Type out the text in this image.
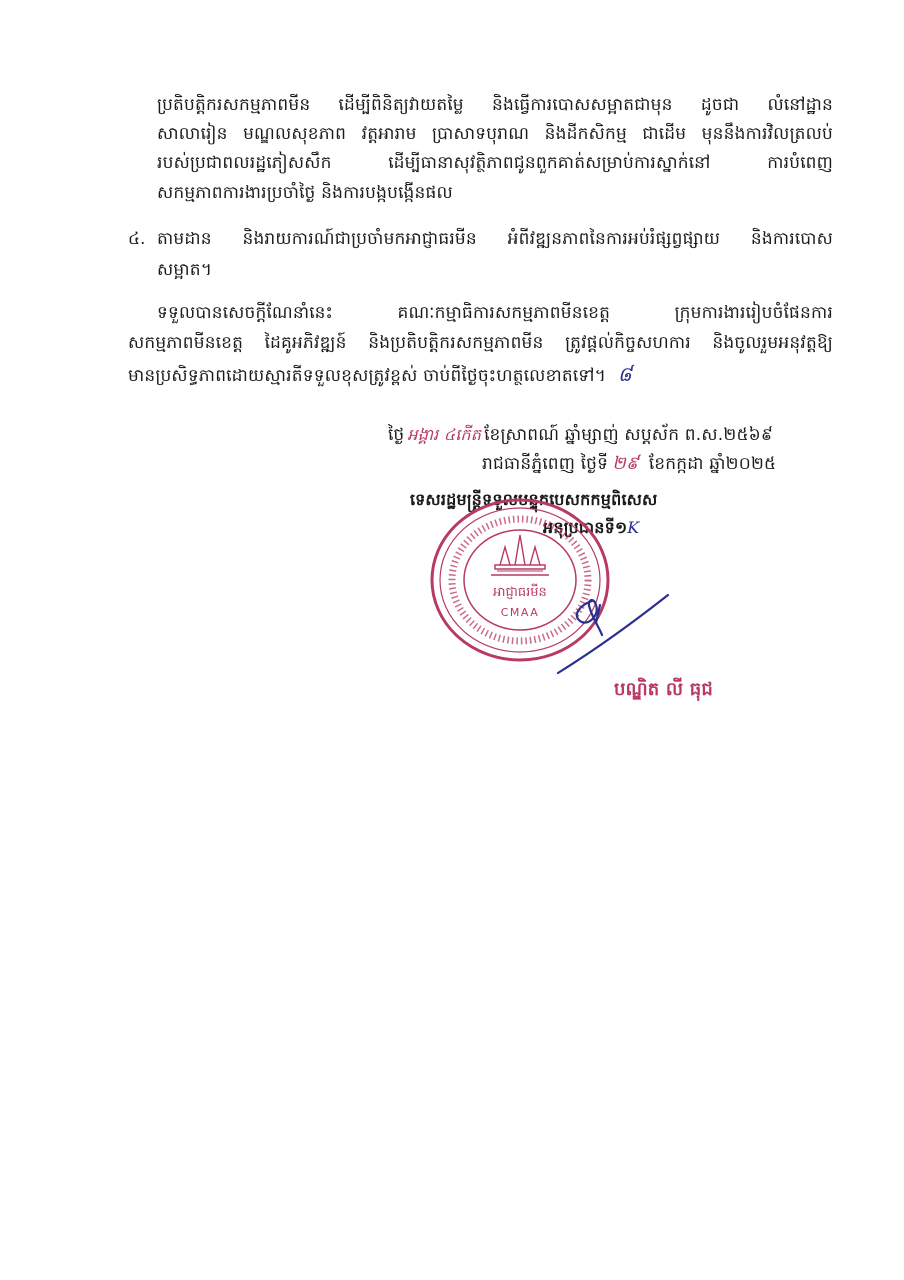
ប្រតិបត្តិករសកម្មភាពមីន ដើម្បីពិនិត្យវាយតម្លៃ និងធ្វើការបោសសម្អាតជាមុន ដូចជា លំនៅដ្ឋាន
សាលារៀន មណ្ឌលសុខភាព វត្តអារាម ប្រាសាទបុរាណ និងដីកសិកម្ម ជាដើម មុននឹងការវិលត្រលប់
របស់ប្រជាពលរដ្ឋភៀសសឹក ដើម្បីធានាសុវត្ថិភាពជូនពួកគាត់សម្រាប់ការស្នាក់នៅ ការបំពេញ
សកម្មភាពការងារប្រចាំថ្ងៃ និងការបង្កបង្កើនផល
៤. តាមដាន និងរាយការណ៍ជាប្រចាំមកអាជ្ញាធរមីន អំពីវឌ្ឍនភាពនៃការអប់រំផ្សព្វផ្សាយ និងការបោស
សម្អាត។
ទទួលបានសេចក្តីណែនាំនេះ គណៈកម្មាធិការសកម្មភាពមីនខេត្ត ក្រុមការងាររៀបចំផែនការ
សកម្មភាពមីនខេត្ត ដៃគូអភិវឌ្ឍន៍ និងប្រតិបត្តិករសកម្មភាពមីន ត្រូវផ្តល់កិច្ចសហការ និងចូលរួមអនុវត្តឱ្យ
មានប្រសិទ្ធភាពដោយស្មារតីទទួលខុសត្រូវខ្ពស់ ចាប់ពីថ្ងៃចុះហត្ថលេខាតទៅ។ ៨
ថ្ងៃ អង្គារ ៤កើត ខែស្រាពណ៍ ឆ្នាំម្សាញ់ សប្តស័ក ព.ស.២៥៦៩
រាជធានីភ្នំពេញ ថ្ងៃទី ២៩ ខែកក្កដា ឆ្នាំ២០២៥
ទេសរដ្ឋមន្ត្រីទទួលបន្ទុកបេសកកម្មពិសេស
អនុប្រធានទី១K
អាជ្ញាធរមីន
CMAA
បណ្ឌិត លី ធុជ
